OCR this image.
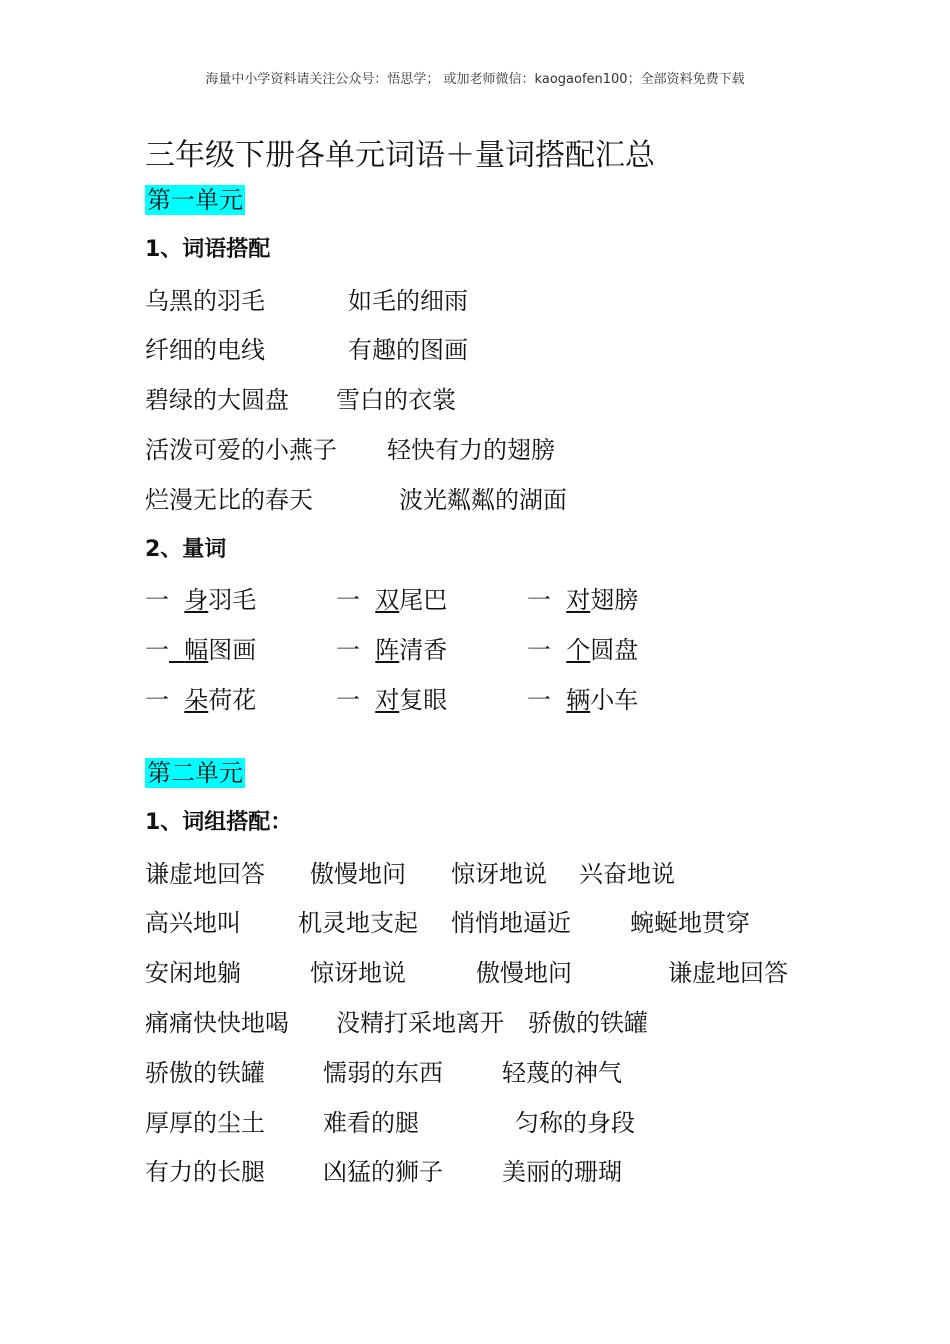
海量中小学资料请关注公众号：悟思学； 或加老师微信：kaogaofen100；全部资料免费下载
三年级下册各单元词语＋量词搭配汇总
第一单元
1、词语搭配
乌黑的羽毛	如毛的细雨
纤细的电线	有趣的图画
碧绿的大圆盘 雪白的衣裳
活泼可爱的小燕子 轻快有力的翅膀
烂漫无比的春天	波光粼粼的湖面
2、量词
一 身羽毛	一 双尾巴	一 对翅膀
一 幅图画	一 阵清香	一 个圆盘
一 朵荷花	一 对复眼	一 辆小车
第二单元
1、词组搭配：
谦虚地回答 傲慢地问 惊讶地说 兴奋地说
高兴地叫 机灵地支起 悄悄地逼近 蜿蜒地贯穿
安闲地躺	惊讶地说	傲慢地问	谦虚地回答
痛痛快快地喝 没精打采地离开 骄傲的铁罐
骄傲的铁罐 懦弱的东西 轻蔑的神气
厚厚的尘土 难看的腿	匀称的身段
有力的长腿 凶猛的狮子 美丽的珊瑚
